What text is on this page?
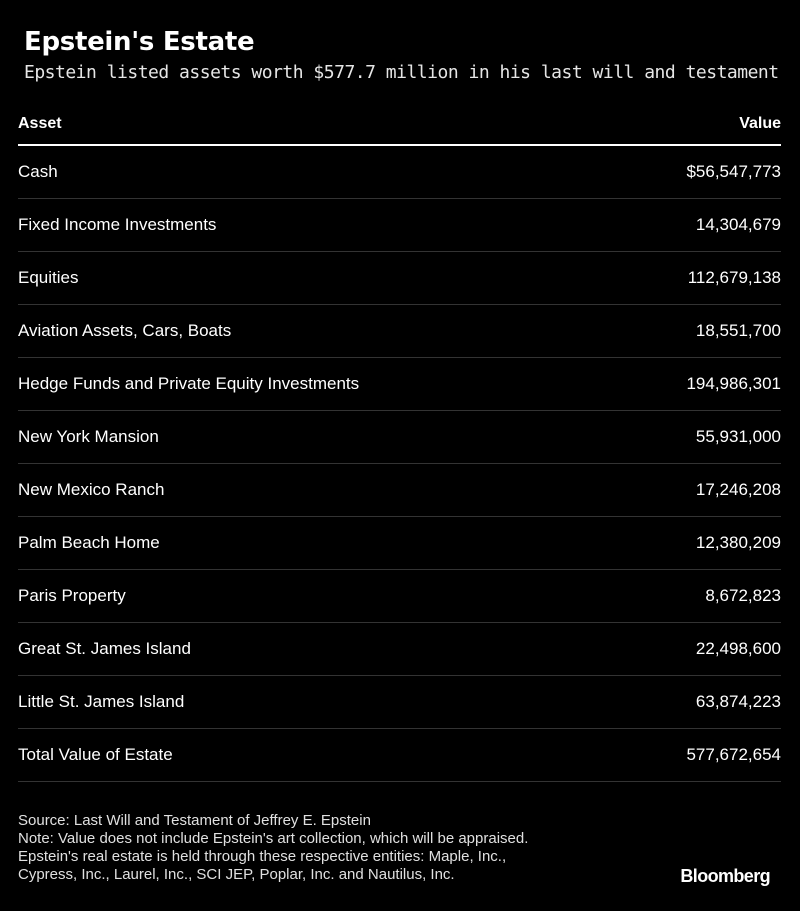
Epstein's Estate
Epstein listed assets worth $577.7 million in his last will and testament
Asset	Value
Cash	$56,547,773
Fixed Income Investments	14,304,679
Equities	112,679,138
Aviation Assets, Cars, Boats	18,551,700
Hedge Funds and Private Equity Investments	194,986,301
New York Mansion	55,931,000
New Mexico Ranch	17,246,208
Palm Beach Home	12,380,209
Paris Property	8,672,823
Great St. James Island	22,498,600
Little St. James Island	63,874,223
Total Value of Estate	577,672,654
Source: Last Will and Testament of Jeffrey E. Epstein
Note: Value does not include Epstein's art collection, which will be appraised.
Epstein's real estate is held through these respective entities: Maple, Inc.,
Cypress, Inc., Laurel, Inc., SCI JEP, Poplar, Inc. and Nautilus, Inc.	Bloomberg
